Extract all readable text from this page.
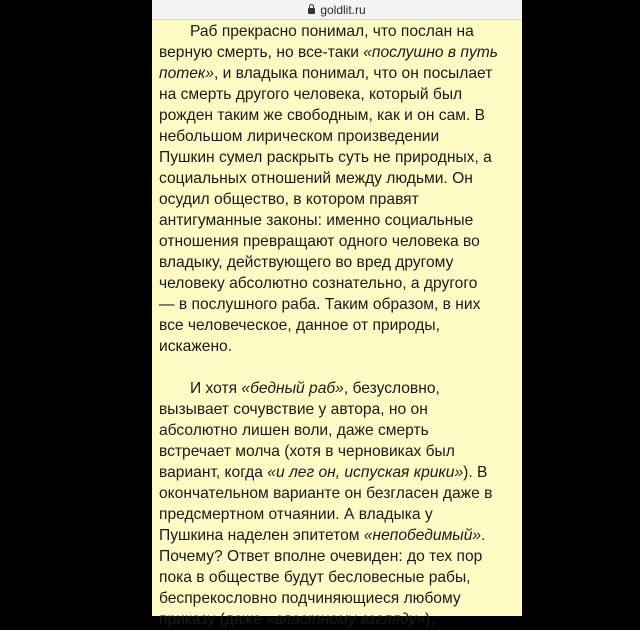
goldlit.ru
Раб прекрасно понимал, что послан на
верную смерть, но все-таки «послушно в путь
потек», и владыка понимал, что он посылает
на смерть другого человека, который был
рожден таким же свободным, как и он сам. В
небольшом лирическом произведении
Пушкин сумел раскрыть суть не природных, а
социальных отношений между людьми. Он
осудил общество, в котором правят
антигуманные законы: именно социальные
отношения превращают одного человека во
владыку, действующего во вред другому
человеку абсолютно сознательно, а другого
— в послушного раба. Таким образом, в них
все человеческое, данное от природы,
искажено.
И хотя «бедный раб», безусловно,
вызывает сочувствие у автора, но он
абсолютно лишен воли, даже смерть
встречает молча (хотя в черновиках был
вариант, когда «и лег он, испуская крики»). В
окончательном варианте он безгласен даже в
предсмертном отчаянии. А владыка у
Пушкина наделен эпитетом «непобедимый».
Почему? Ответ вполне очевиден: до тех пор
пока в обществе будут бесловесные рабы,
беспрекословно подчиняющиеся любому
приказу (даже «властному взгляду»),
